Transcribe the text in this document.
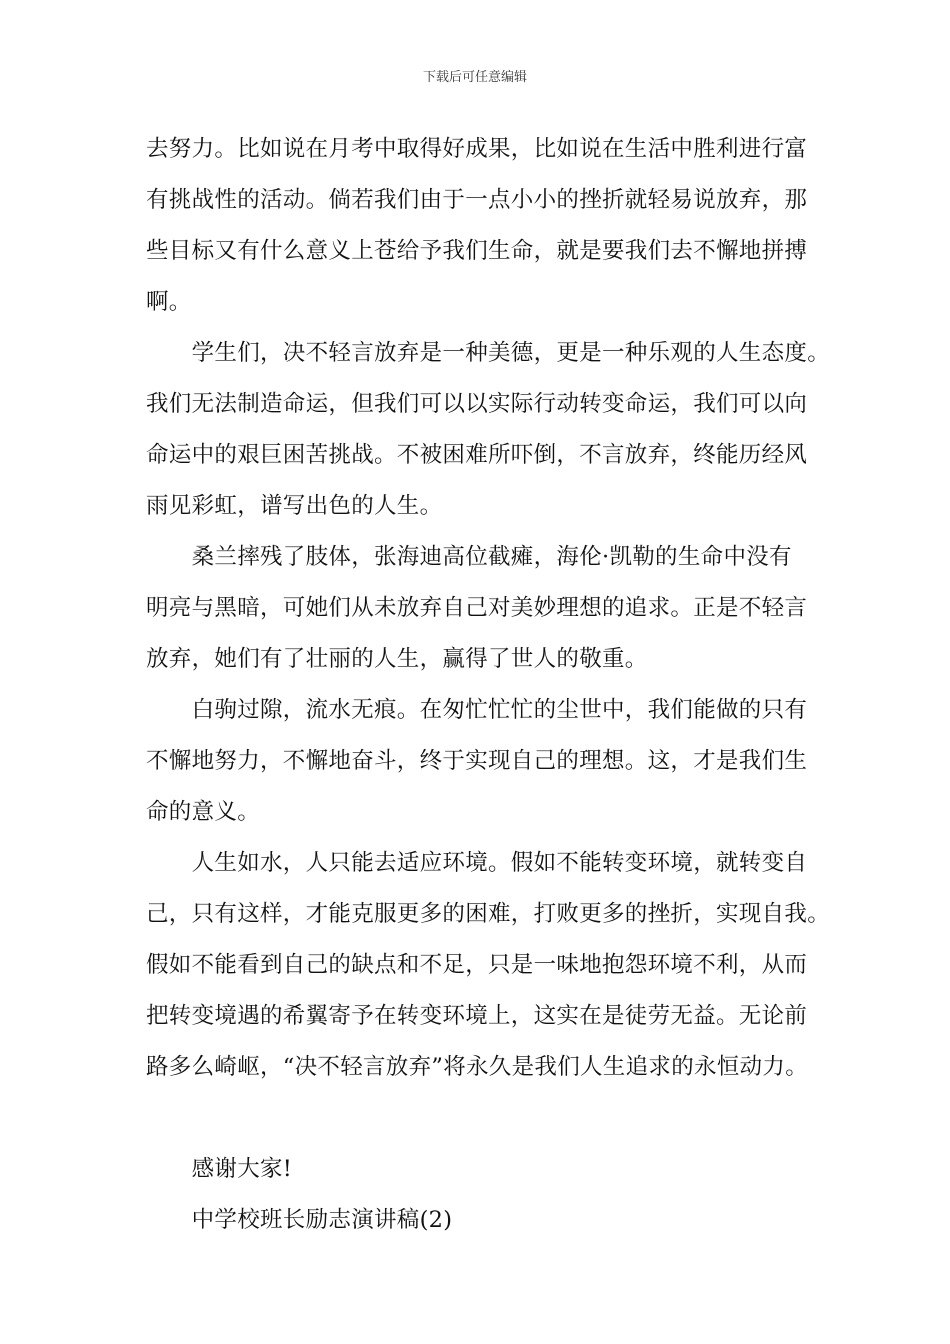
下载后可任意编辑
去努力。比如说在月考中取得好成果，比如说在生活中胜利进行富
有挑战性的活动。倘若我们由于一点小小的挫折就轻易说放弃，那
些目标又有什么意义上苍给予我们生命，就是要我们去不懈地拼搏
啊。
　　学生们，决不轻言放弃是一种美德，更是一种乐观的人生态度。
我们无法制造命运，但我们可以以实际行动转变命运，我们可以向
命运中的艰巨困苦挑战。不被困难所吓倒，不言放弃，终能历经风
雨见彩虹，谱写出色的人生。
　　桑兰摔残了肢体，张海迪高位截瘫，海伦·凯勒的生命中没有
明亮与黑暗，可她们从未放弃自己对美妙理想的追求。正是不轻言
放弃，她们有了壮丽的人生，赢得了世人的敬重。
　　白驹过隙，流水无痕。在匆忙忙忙的尘世中，我们能做的只有
不懈地努力，不懈地奋斗，终于实现自己的理想。这，才是我们生
命的意义。
　　人生如水，人只能去适应环境。假如不能转变环境，就转变自
己，只有这样，才能克服更多的困难，打败更多的挫折，实现自我。
假如不能看到自己的缺点和不足，只是一味地抱怨环境不利，从而
把转变境遇的希翼寄予在转变环境上，这实在是徒劳无益。无论前
路多么崎岖，“决不轻言放弃”将永久是我们人生追求的永恒动力。

　　感谢大家!

　　中学校班长励志演讲稿(2)
